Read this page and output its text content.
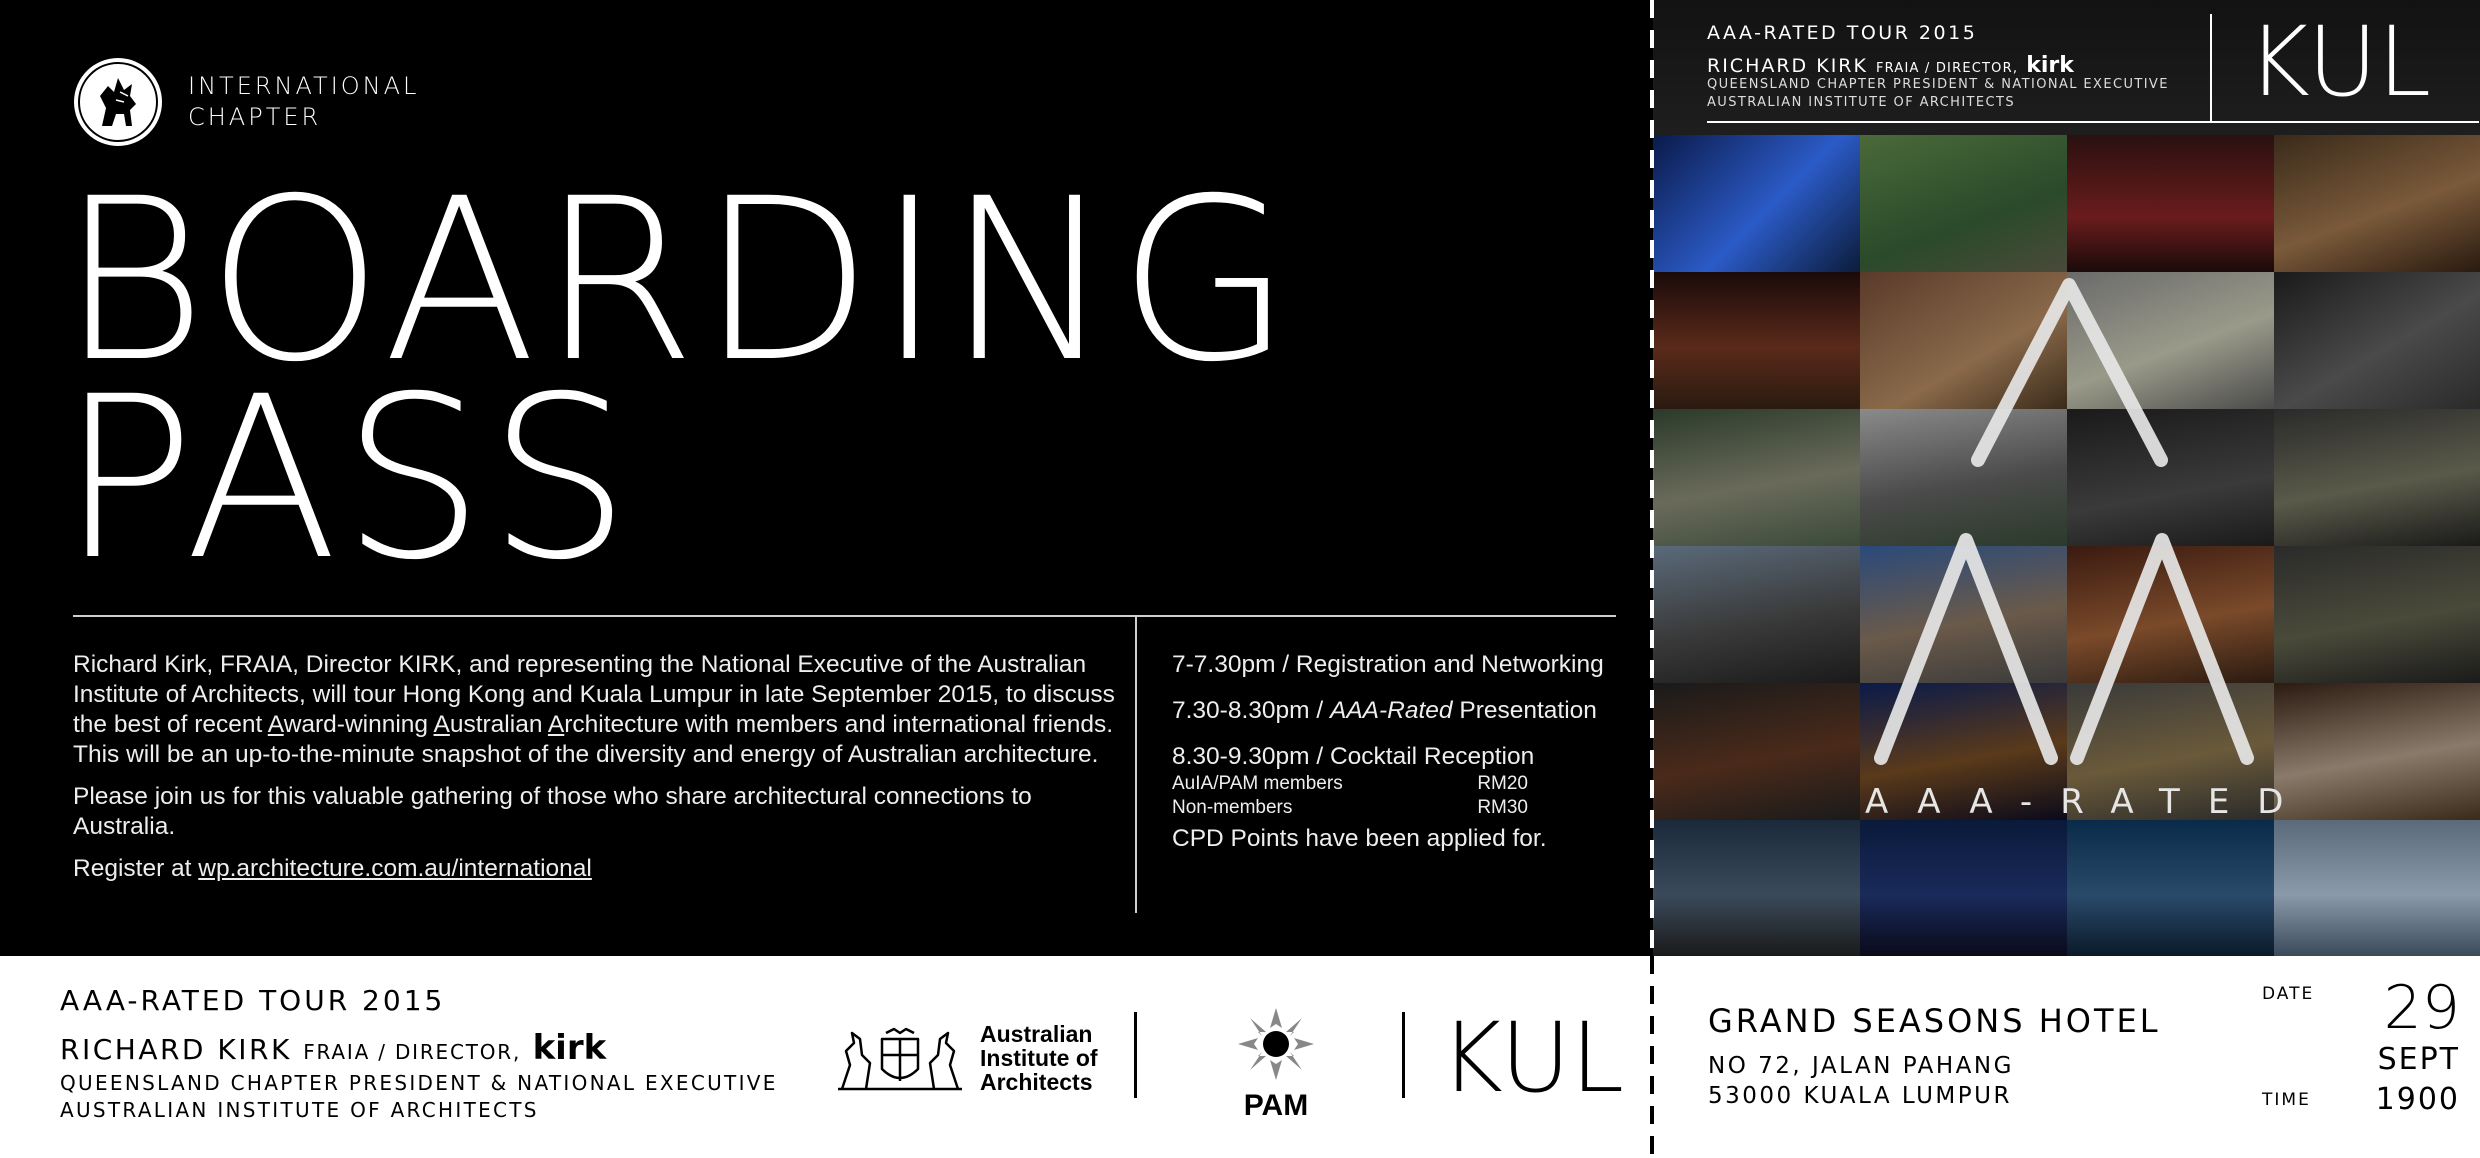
INTERNATIONAL
CHAPTER
BOARDING
PASS

Richard Kirk, FRAIA, Director KIRK, and representing the National Executive of the Australian Institute of Architects, will tour Hong Kong and Kuala Lumpur in late September 2015, to discuss the best of recent Award-winning Australian Architecture with members and international friends. This will be an up-to-the-minute snapshot of the diversity and energy of Australian architecture.

Please join us for this valuable gathering of those who share architectural connections to Australia.

Register at wp.architecture.com.au/international

7-7.30pm / Registration and Networking
7.30-8.30pm / AAA-Rated Presentation
8.30-9.30pm / Cocktail Reception
AuIA/PAM members	RM20
Non-members	RM30
CPD Points have been applied for.
AAA-RATED TOUR 2015
RICHARD KIRK FRAIA / DIRECTOR, kirk
QUEENSLAND CHAPTER PRESIDENT & NATIONAL EXECUTIVE
AUSTRALIAN INSTITUTE OF ARCHITECTS KUL
AAA-RATED
AAA-RATED TOUR 2015
RICHARD KIRK FRAIA / DIRECTOR, kirk
QUEENSLAND CHAPTER PRESIDENT & NATIONAL EXECUTIVE
AUSTRALIAN INSTITUTE OF ARCHITECTS
Australian
Institute of
Architects
PAM KUL	GRAND SEASONS HOTEL
NO 72, JALAN PAHANG
53000 KUALA LUMPUR
DATE	29
SEPT
TIME	1900
